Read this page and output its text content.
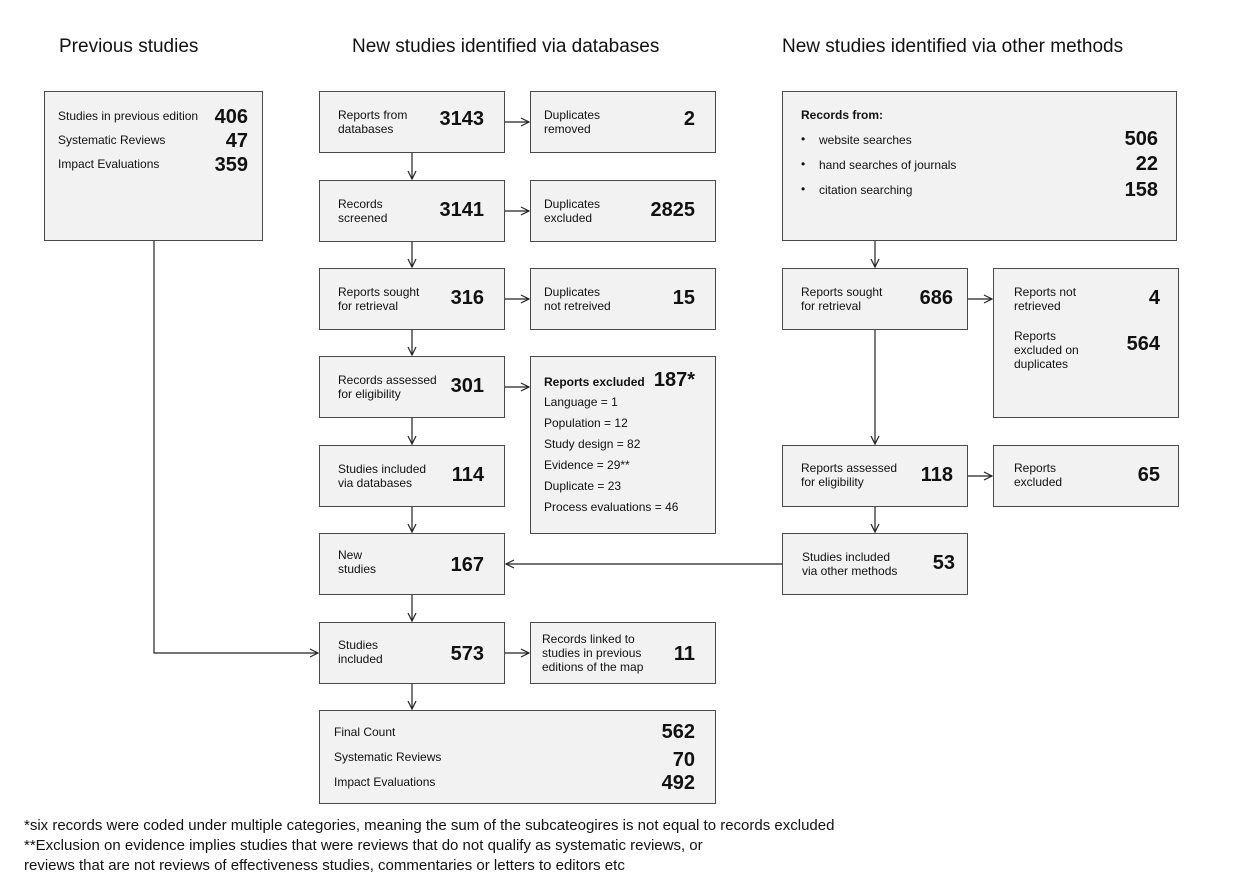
Previous studies	New studies identified via databases	New studies identified via other methods
Studies in previous edition 406
Systematic Reviews	47
Impact Evaluations	359
Reports from
databases	3143	Duplicates
removed	2
Records
screened	3141	Duplicates
excluded	2825
Reports sought
for retrieval	316	Duplicates
not retreived	15
Records assessed
for eligibility	301	Reports excluded 187*
Language = 1
Population = 12
Study design = 82
Evidence = 29**
Duplicate = 23
Process evaluations = 46
Studies included
via databases	114
New
studies	167
Studies
included	573
Records linked to
studies in previous
editions of the map
11
Final Count	562
Systematic Reviews	70
Impact Evaluations	492
Records from:
• website searches	506
• hand searches of journals	22
• citation searching	158
Reports sought
for retrieval	686	Reports not
retrieved	4
Reports
excluded on
duplicates
564
Reports assessed
for eligibility	118	Reports
excluded	65
Studies included
via other methods 53
*six records were coded under multiple categories, meaning the sum of the subcateogires is not equal to records excluded
**Exclusion on evidence implies studies that were reviews that do not qualify as systematic reviews, or
reviews that are not reviews of effectiveness studies, commentaries or letters to editors etc
